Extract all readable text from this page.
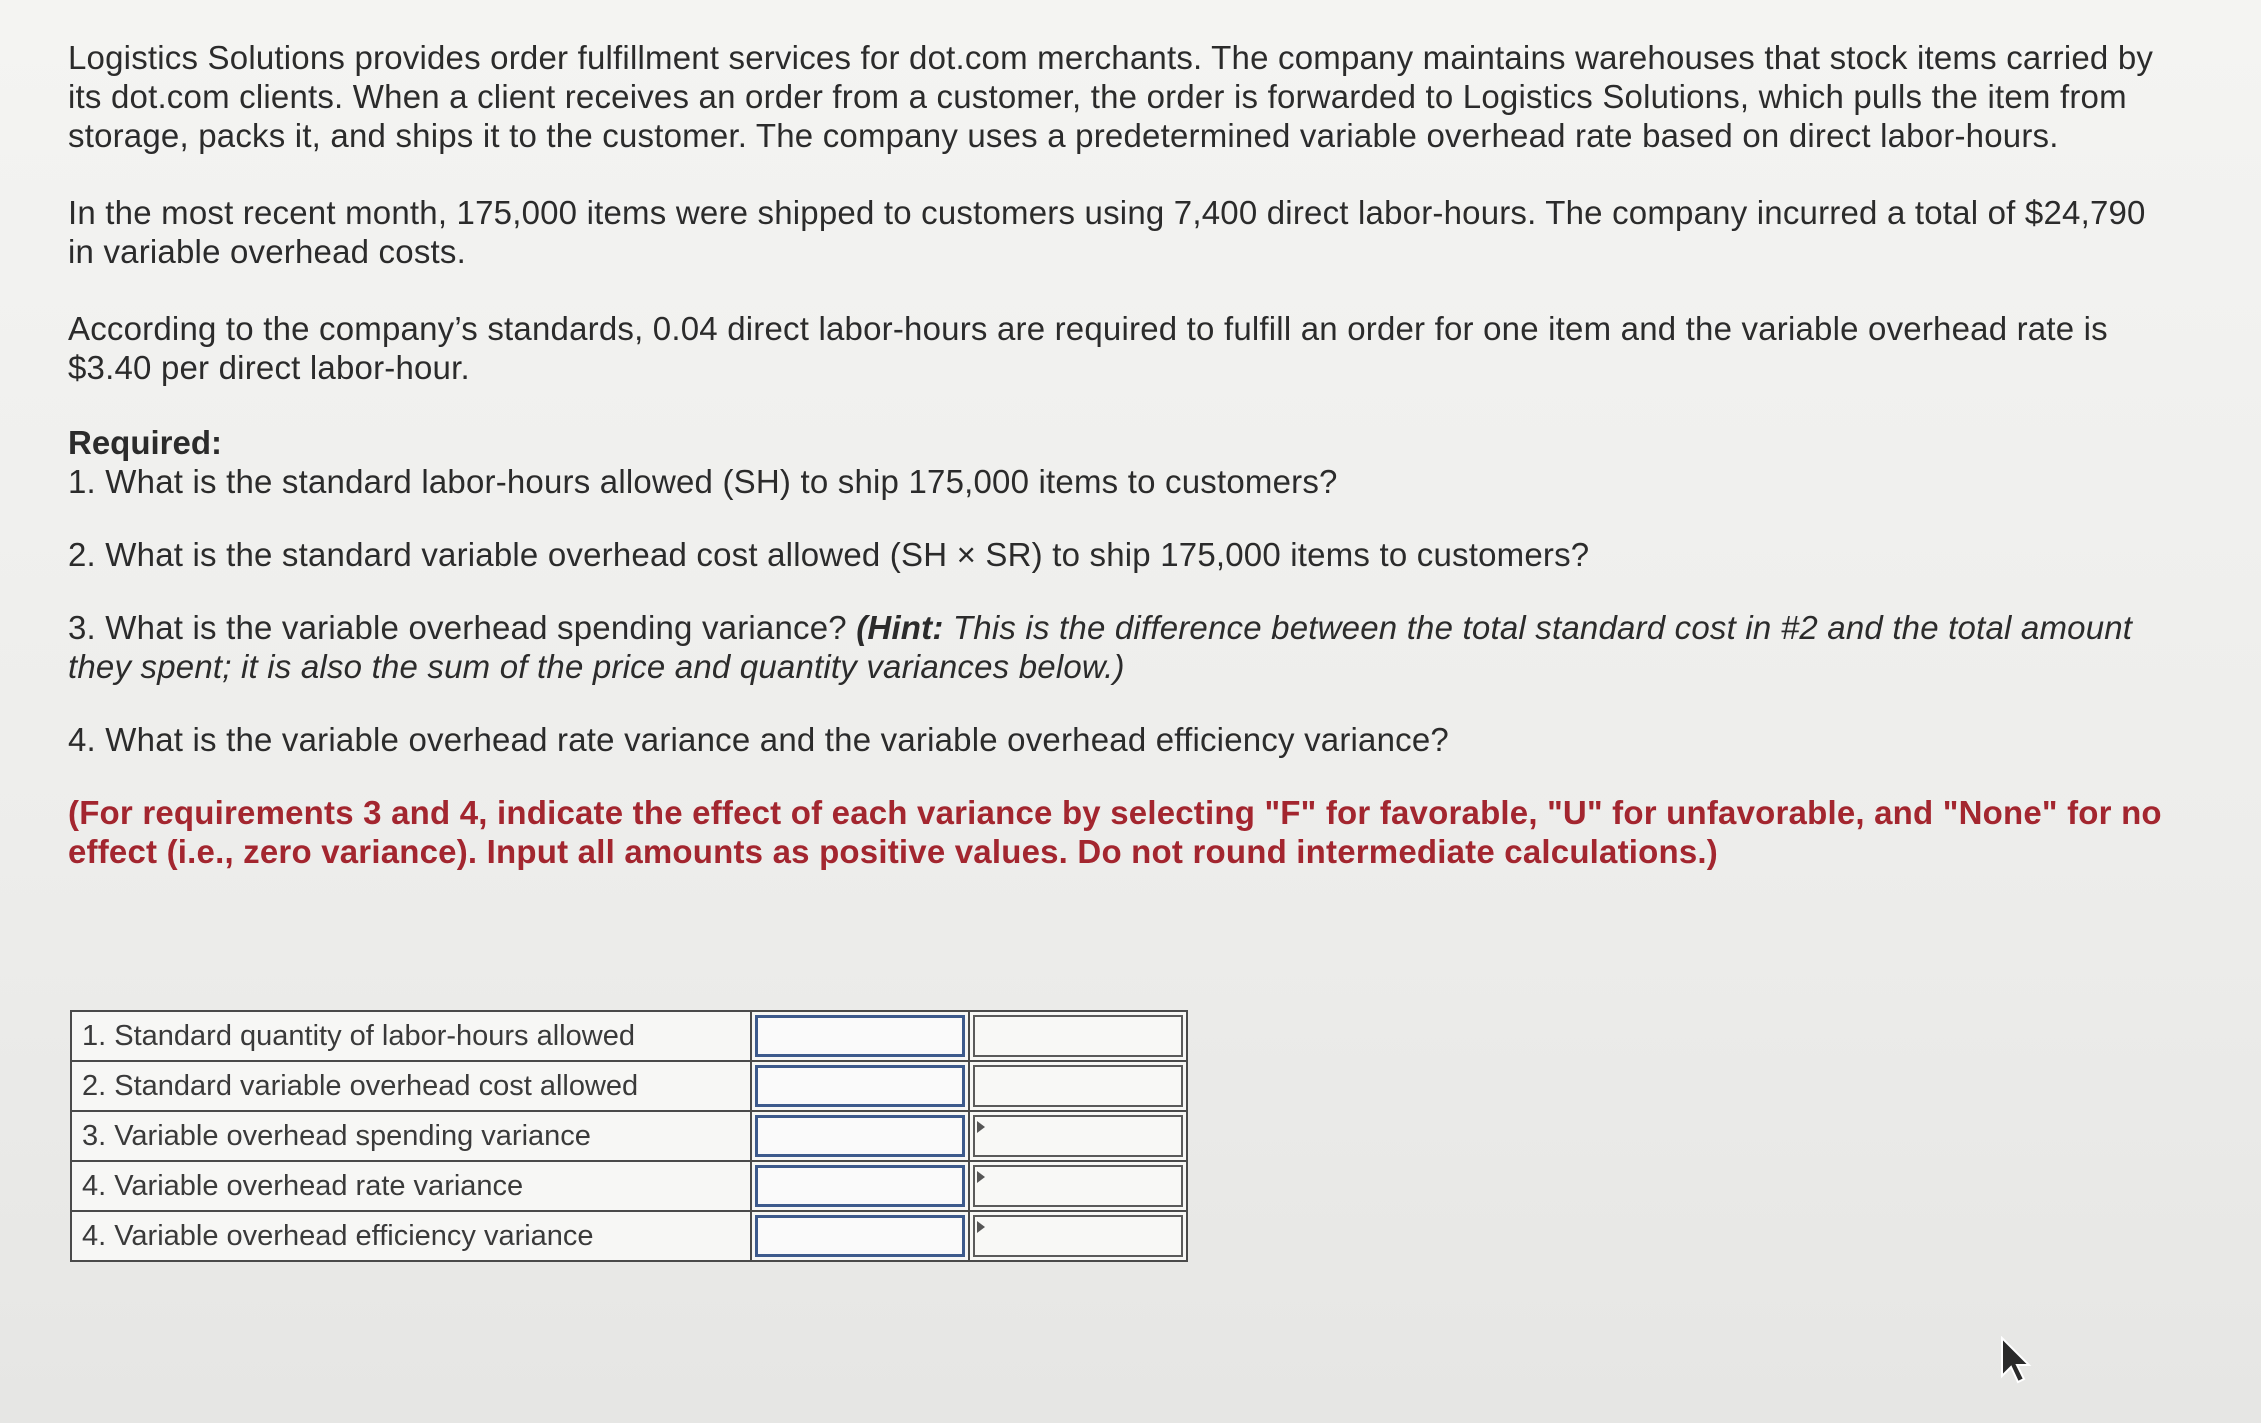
Logistics Solutions provides order fulfillment services for dot.com merchants. The company maintains warehouses that stock items carried by its dot.com clients. When a client receives an order from a customer, the order is forwarded to Logistics Solutions, which pulls the item from storage, packs it, and ships it to the customer. The company uses a predetermined variable overhead rate based on direct labor-hours.

In the most recent month, 175,000 items were shipped to customers using 7,400 direct labor-hours. The company incurred a total of $24,790 in variable overhead costs.

According to the company’s standards, 0.04 direct labor-hours are required to fulfill an order for one item and the variable overhead rate is $3.40 per direct labor-hour.

Required:

1. What is the standard labor-hours allowed (SH) to ship 175,000 items to customers?

2. What is the standard variable overhead cost allowed (SH × SR) to ship 175,000 items to customers?

3. What is the variable overhead spending variance? (Hint: This is the difference between the total standard cost in #2 and the total amount they spent; it is also the sum of the price and quantity variances below.)

4. What is the variable overhead rate variance and the variable overhead efficiency variance?

(For requirements 3 and 4, indicate the effect of each variance by selecting "F" for favorable, "U" for unfavorable, and "None" for no effect (i.e., zero variance). Input all amounts as positive values. Do not round intermediate calculations.)

1. Standard quantity of labor-hours allowed	

2. Standard variable overhead cost allowed	

3. Variable overhead spending variance	

4. Variable overhead rate variance	

4. Variable overhead efficiency variance	
